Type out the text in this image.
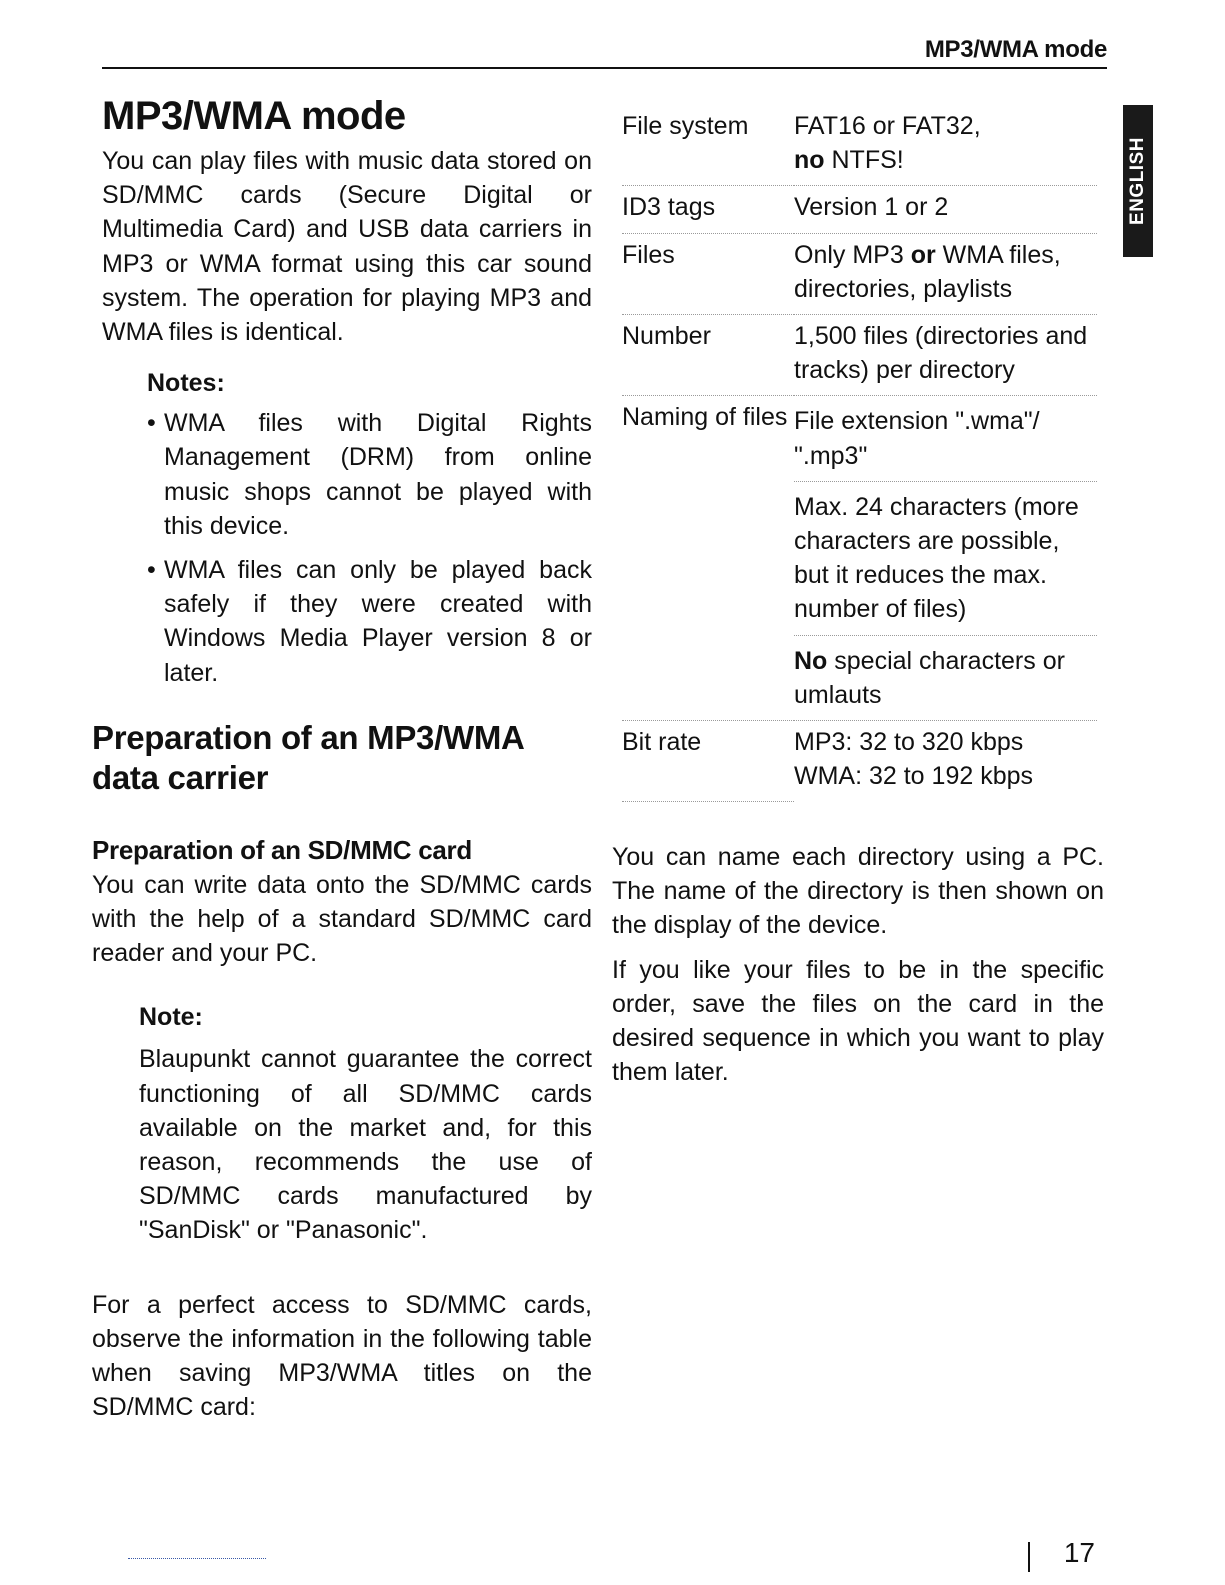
MP3/WMA mode
ENGLISH
MP3/WMA mode

You can play files with music data stored on SD/MMC cards (Secure Digital or Multimedia Card) and USB data carriers in MP3 or WMA format using this car sound system. The operation for playing MP3 and WMA files is identical.

Notes:
• WMA files with Digital Rights Management (DRM) from online music shops cannot be played with this device.

• WMA files can only be played back safely if they were created with Windows Media Player version 8 or later.

Preparation of an MP3/WMA data carrier
Preparation of an SD/MMC card

You can write data onto the SD/MMC cards with the help of a standard SD/MMC card reader and your PC.

Note:

Blaupunkt cannot guarantee the correct functioning of all SD/MMC cards available on the market and, for this reason, recommends the use of SD/MMC cards manufactured by "SanDisk" or "Panasonic".

For a perfect access to SD/MMC cards, observe the information in the following table when saving MP3/WMA titles on the SD/MMC card:

File system	FAT16 or FAT32,
no NTFS!
ID3 tags	Version 1 or 2
Files	Only MP3 or WMA files, directories, playlists
Number	1,500 files (directories and tracks) per directory
Naming of files	File extension ".wma"/ ".mp3"
	Max. 24 characters (more characters are possible, but it reduces the max. number of files)
	No special characters or umlauts
Bit rate	MP3: 32 to 320 kbps
WMA: 32 to 192 kbps

You can name each directory using a PC. The name of the directory is then shown on the display of the device.

If you like your files to be in the specific order, save the files on the card in the desired sequence in which you want to play them later.

17
